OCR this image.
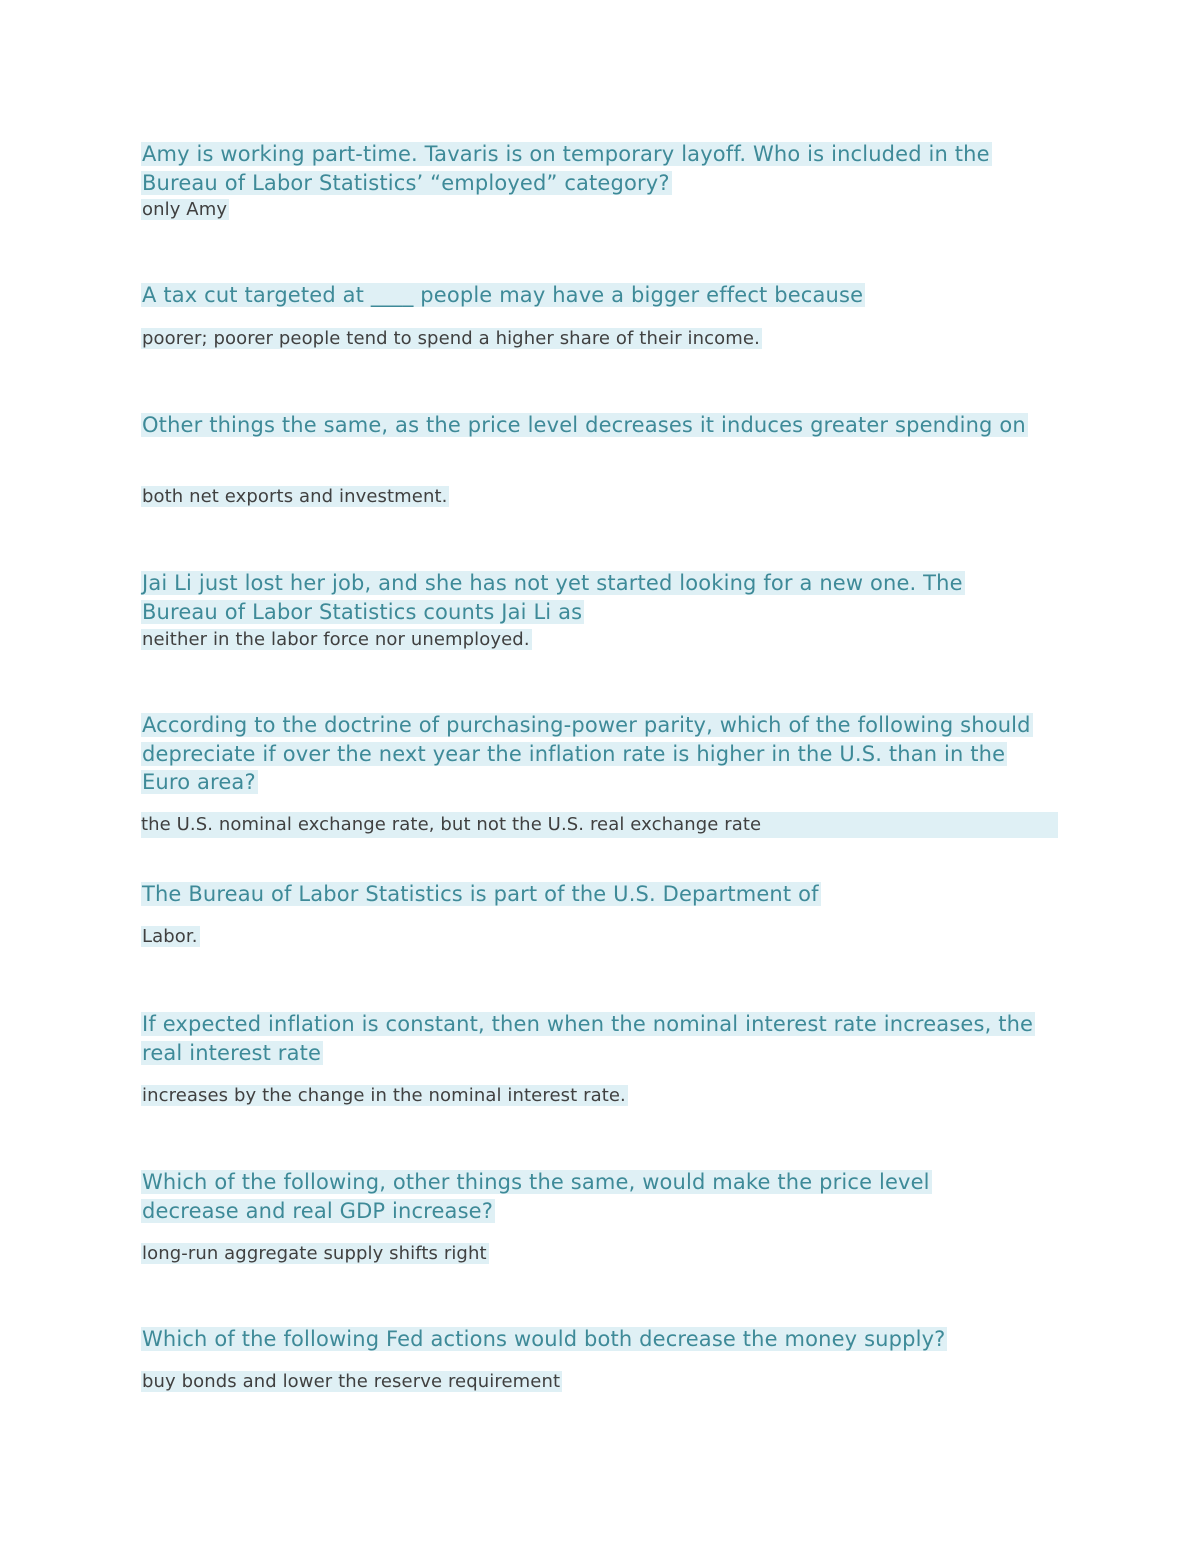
Amy is working part-time. Tavaris is on temporary layoff. Who is included in the Bureau of Labor Statistics’ “employed” category?

only Amy

A tax cut targeted at ____ people may have a bigger effect because

poorer; poorer people tend to spend a higher share of their income.

Other things the same, as the price level decreases it induces greater spending on

both net exports and investment.

Jai Li just lost her job, and she has not yet started looking for a new one. The Bureau of Labor Statistics counts Jai Li as

neither in the labor force nor unemployed.

According to the doctrine of purchasing-power parity, which of the following should depreciate if over the next year the inflation rate is higher in the U.S. than in the Euro area?

the U.S. nominal exchange rate, but not the U.S. real exchange rate

The Bureau of Labor Statistics is part of the U.S. Department of

Labor.

If expected inflation is constant, then when the nominal interest rate increases, the real interest rate

increases by the change in the nominal interest rate.

Which of the following, other things the same, would make the price level decrease and real GDP increase?

long-run aggregate supply shifts right

Which of the following Fed actions would both decrease the money supply?

buy bonds and lower the reserve requirement
